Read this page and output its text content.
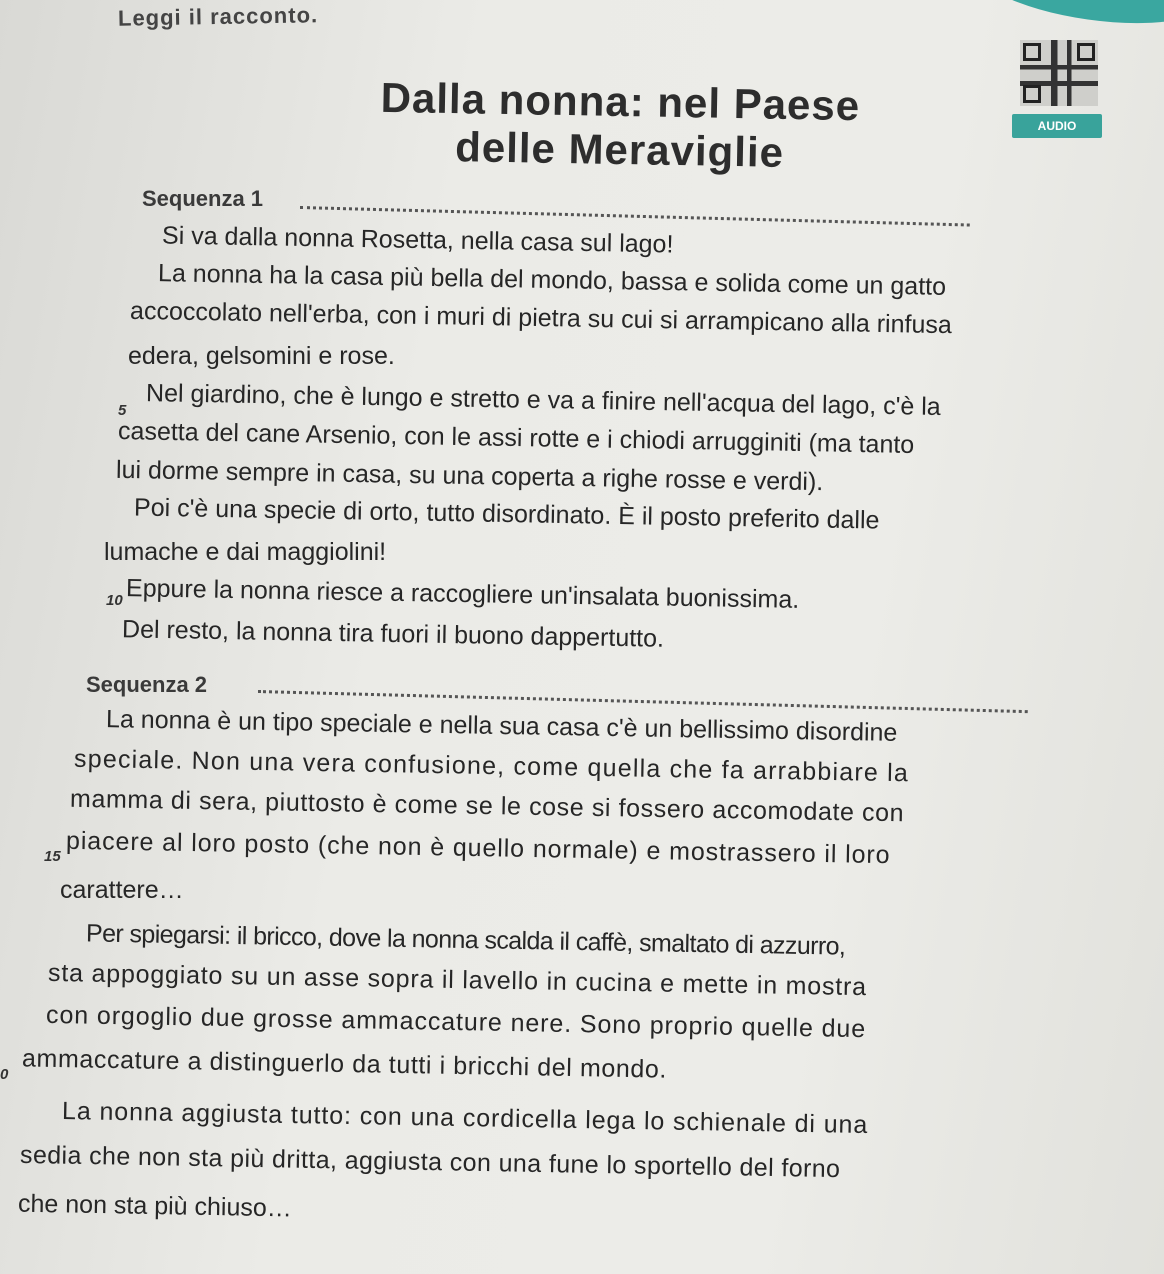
Leggi il racconto.
Dalla nonna: nel Paese
delle Meraviglie	AUDIO
Sequenza 1
Si va dalla nonna Rosetta, nella casa sul lago!
La nonna ha la casa più bella del mondo, bassa e solida come un gatto
accoccolato nell'erba, con i muri di pietra su cui si arrampicano alla rinfusa
edera, gelsomini e rose.
5 Nel giardino, che è lungo e stretto e va a finire nell'acqua del lago, c'è la
casetta del cane Arsenio, con le assi rotte e i chiodi arrugginiti (ma tanto
lui dorme sempre in casa, su una coperta a righe rosse e verdi).
Poi c'è una specie di orto, tutto disordinato. È il posto preferito dalle
lumache e dai maggiolini!
10 Eppure la nonna riesce a raccogliere un'insalata buonissima.
Del resto, la nonna tira fuori il buono dappertutto.
Sequenza 2
La nonna è un tipo speciale e nella sua casa c'è un bellissimo disordine
speciale. Non una vera confusione, come quella che fa arrabbiare la
mamma di sera, piuttosto è come se le cose si fossero accomodate con
15 piacere al loro posto (che non è quello normale) e mostrassero il loro
carattere…
Per spiegarsi: il bricco, dove la nonna scalda il caffè, smaltato di azzurro,
sta appoggiato su un asse sopra il lavello in cucina e mette in mostra
con orgoglio due grosse ammaccature nere. Sono proprio quelle due
0 ammaccature a distinguerlo da tutti i bricchi del mondo.
La nonna aggiusta tutto: con una cordicella lega lo schienale di una
sedia che non sta più dritta, aggiusta con una fune lo sportello del forno
che non sta più chiuso…
